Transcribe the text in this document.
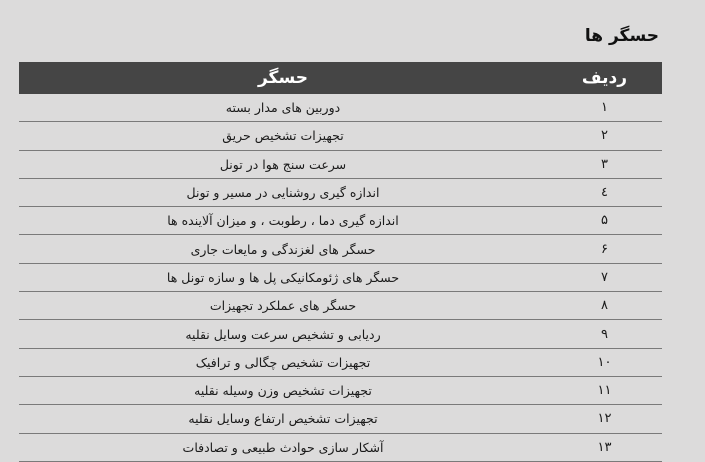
حسگر ها
ردیف	حسگر
۱	دوربین های مدار بسته
۲	تجهیزات تشخیص حریق
۳	سرعت سنج هوا در تونل
٤	اندازه گیری روشنایی در مسیر و تونل
۵	اندازه گیری دما ، رطوبت ، و میزان آلاینده ها
۶	حسگر های لغزندگی و مایعات جاری
۷	حسگر های ژئومکانیکی پل ها و سازه تونل ها
۸	حسگر های عملکرد تجهیزات
۹	ردیابی و تشخیص سرعت وسایل نقلیه
۱۰	تجهیزات تشخیص چگالی و ترافیک
۱۱	تجهیزات تشخیص وزن وسیله نقلیه
۱۲	تجهیزات تشخیص ارتفاع وسایل نقلیه
۱۳	آشکار سازی حوادث طبیعی و تصادفات
